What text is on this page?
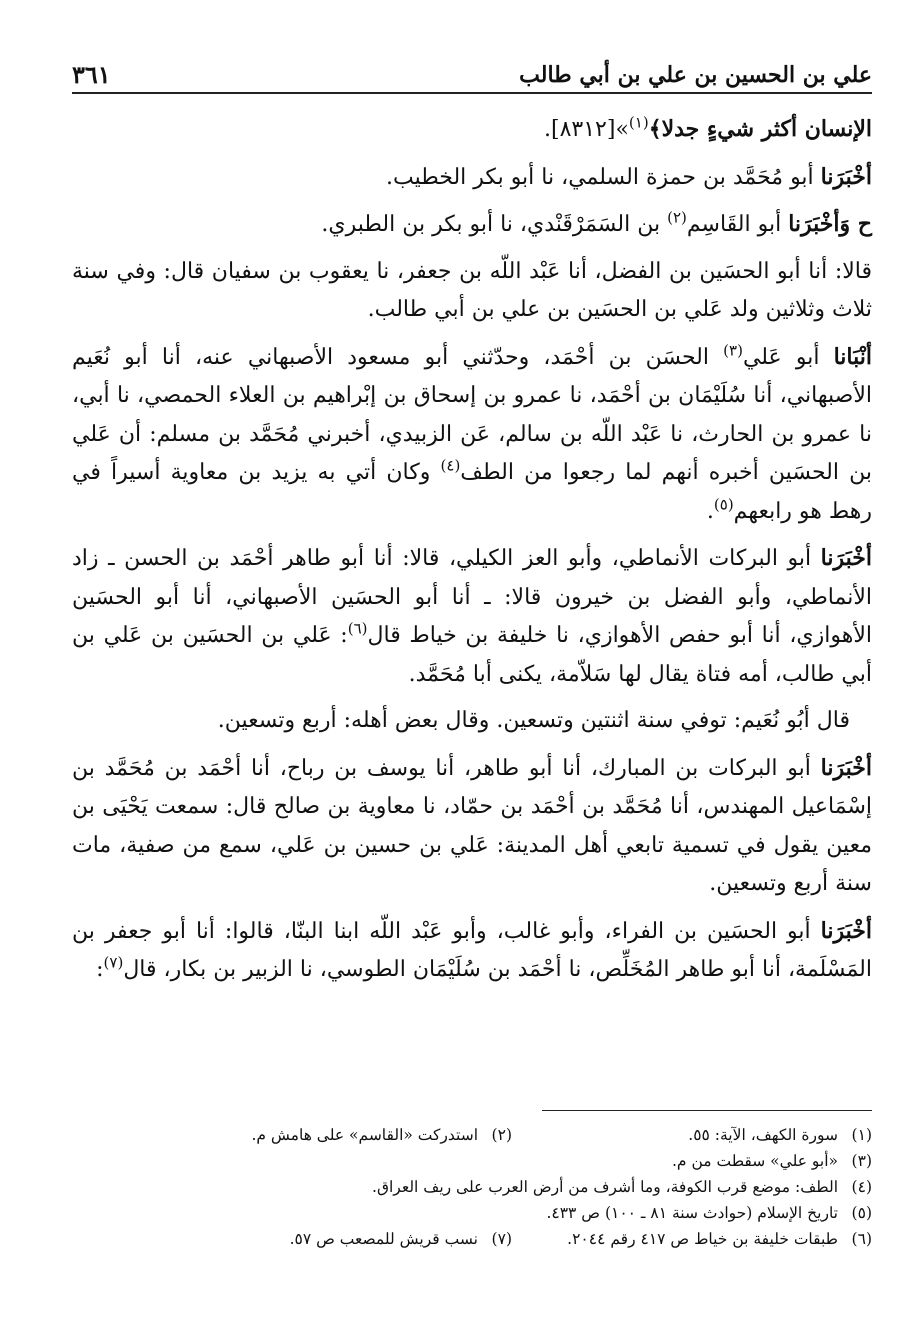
علي بن الحسين بن علي بن أبي طالب
٣٦١

الإنسان أكثر شيءٍ جدلا﴾$^{(١)}$»[٨٣١٢].

أخْبَرَنا أبو مُحَمَّد بن حمزة السلمي، نا أبو بكر الخطيب.

ح وَأخْبَرَنا أبو القَاسِم$^{(٢)}$ بن السَمَرْقَنْدي، نا أبو بكر بن الطبري.

قالا: أنا أبو الحسَين بن الفضل، أنا عَبْد اللّه بن جعفر، نا يعقوب بن سفيان قال: وفي سنة ثلاث وثلاثين ولد عَلي بن الحسَين بن علي بن أبي طالب.

أنْبَانا أبو عَلي$^{(٣)}$ الحسَن بن أحْمَد، وحدّثني أبو مسعود الأصبهاني عنه، أنا أبو نُعَيم الأصبهاني، أنا سُلَيْمَان بن أحْمَد، نا عمرو بن إسحاق بن إبْراهيم بن العلاء الحمصي، نا أبي، نا عمرو بن الحارث، نا عَبْد اللّه بن سالم، عَن الزبيدي، أخبرني مُحَمَّد بن مسلم: أن عَلي بن الحسَين أخبره أنهم لما رجعوا من الطف$^{(٤)}$ وكان أتي به يزيد بن معاوية أسيراً في رهط هو رابعهم$^{(٥)}$.

أخْبَرَنا أبو البركات الأنماطي، وأبو العز الكيلي، قالا: أنا أبو طاهر أحْمَد بن الحسن ـ زاد الأنماطي، وأبو الفضل بن خيرون قالا: ـ أنا أبو الحسَين الأصبهاني، أنا أبو الحسَين الأهوازي، أنا أبو حفص الأهوازي، نا خليفة بن خياط قال$^{(٦)}$: عَلي بن الحسَين بن عَلي بن أبي طالب، أمه فتاة يقال لها سَلاّمة، يكنى أبا مُحَمَّد.

قال أبُو نُعَيم: توفي سنة اثنتين وتسعين. وقال بعض أهله: أربع وتسعين.

أخْبَرَنا أبو البركات بن المبارك، أنا أبو طاهر، أنا يوسف بن رباح، أنا أحْمَد بن مُحَمَّد بن إسْمَاعيل المهندس، أنا مُحَمَّد بن أحْمَد بن حمّاد، نا معاوية بن صالح قال: سمعت يَحْيَى بن معين يقول في تسمية تابعي أهل المدينة: عَلي بن حسين بن عَلي، سمع من صفية، مات سنة أربع وتسعين.

أخْبَرَنا أبو الحسَين بن الفراء، وأبو غالب، وأبو عَبْد اللّه ابنا البنّا، قالوا: أنا أبو جعفر بن المَسْلَمة، أنا أبو طاهر المُخَلِّص، نا أحْمَد بن سُلَيْمَان الطوسي، نا الزبير بن بكار، قال$^{(٧)}$:

(١)سورة الكهف، الآية: ٥٥.
(٢)استدركت «القاسم» على هامش م.
(٣)«أبو علي» سقطت من م.
(٤)الطف: موضع قرب الكوفة، وما أشرف من أرض العرب على ريف العراق.
(٥)تاريخ الإسلام (حوادث سنة ٨١ ـ ١٠٠) ص ٤٣٣.
(٦)طبقات خليفة بن خياط ص ٤١٧ رقم ٢٠٤٤.
(٧)نسب قريش للمصعب ص ٥٧.
